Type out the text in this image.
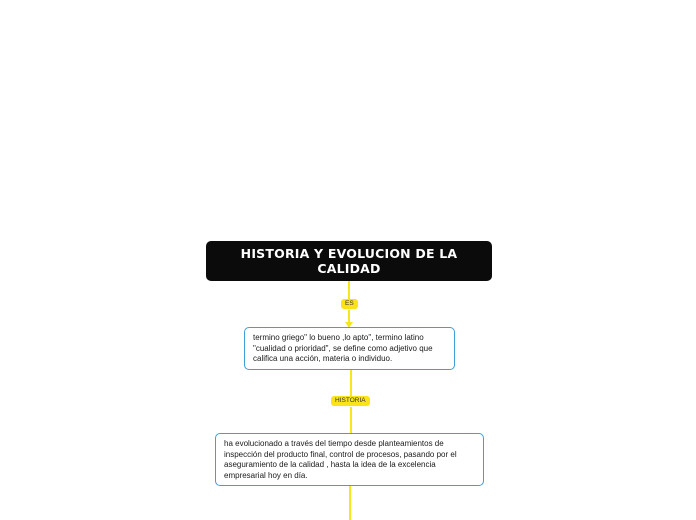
HISTORIA Y EVOLUCION DE LA CALIDAD
ES
HISTORIA
termino griego" lo bueno ,lo apto", termino latino "cualidad o prioridad", se define como adjetivo que califica una acción, materia o individuo.
ha evolucionado a través del tiempo desde planteamientos de inspección del producto final, control de procesos, pasando por el aseguramiento de la calidad , hasta la idea de la excelencia empresarial hoy en día.
